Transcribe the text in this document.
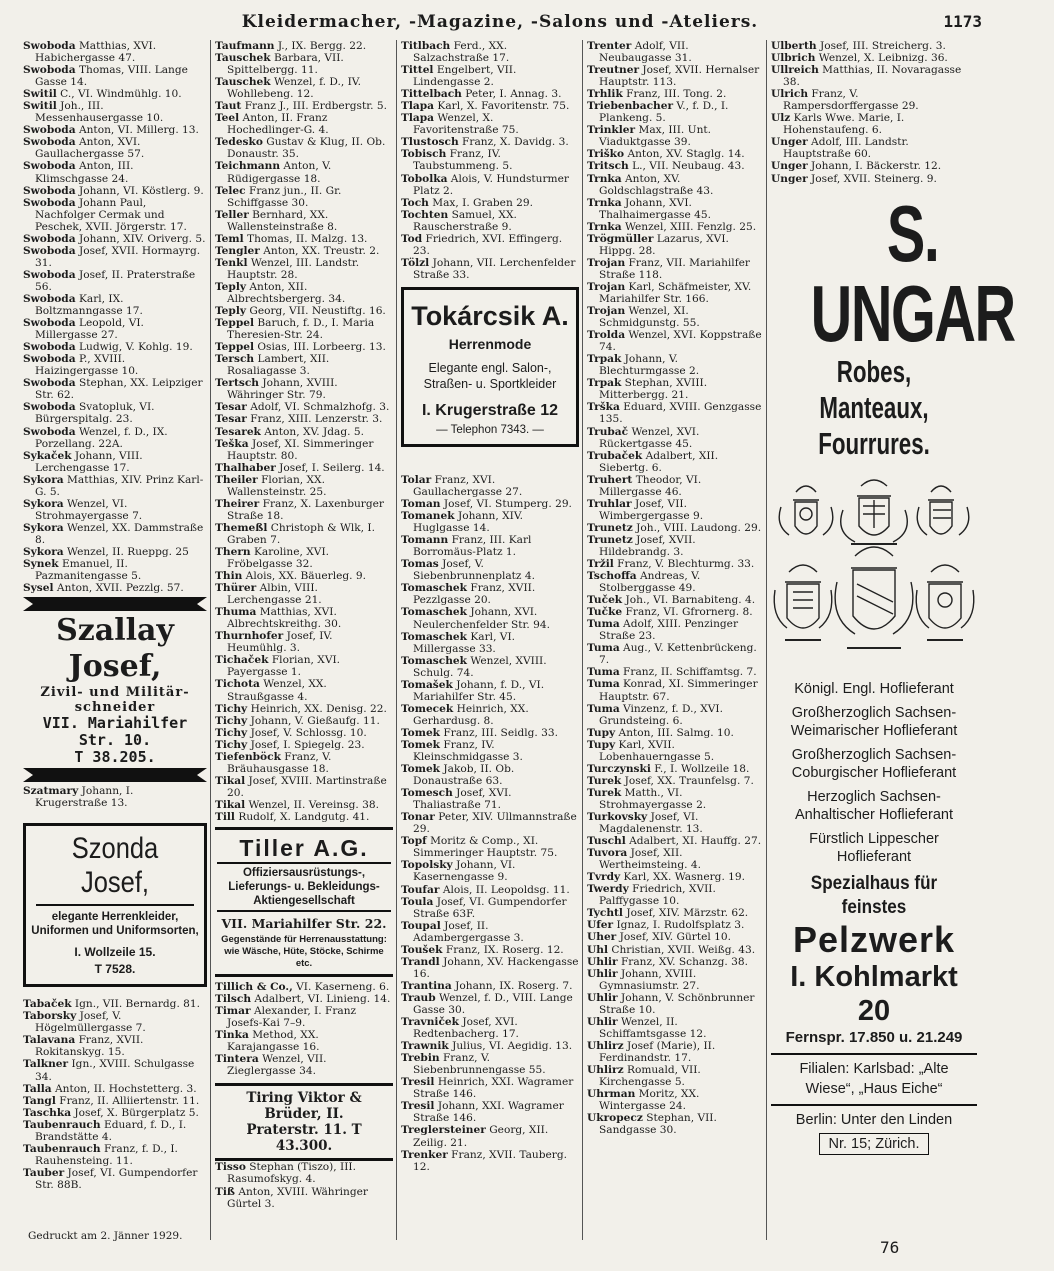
Kleidermacher, -Magazine, -Salons und -Ateliers.	1173

Swoboda Matthias, XVI. Habichergasse 47.

Swoboda Thomas, VIII. Lange Gasse 14.

Switil C., VI. Windmühlg. 10.

Switil Joh., III. Messenhausergasse 10.

Swoboda Anton, VI. Millerg. 13.

Swoboda Anton, XVI. Gaullachergasse 57.

Swoboda Anton, III. Klimschgasse 24.

Swoboda Johann, VI. Köstlerg. 9.

Swoboda Johann Paul, Nachfolger Cermak und Peschek, XVII. Jörgerstr. 17.

Swoboda Johann, XIV. Oriverg. 5.

Swoboda Josef, XVII. Hormayrg. 31.

Swoboda Josef, II. Praterstraße 56.

Swoboda Karl, IX. Boltzmanngasse 17.

Swoboda Leopold, VI. Millergasse 27.

Swoboda Ludwig, V. Kohlg. 19.

Swoboda P., XVIII. Haizingergasse 10.

Swoboda Stephan, XX. Leipziger Str. 62.

Swoboda Svatopluk, VI. Bürgerspitalg. 23.

Swoboda Wenzel, f. D., IX. Porzellang. 22A.

Sykaček Johann, VIII. Lerchengasse 17.

Sykora Matthias, XIV. Prinz Karl-G. 5.

Sykora Wenzel, VI. Strohmayergasse 7.

Sykora Wenzel, XX. Dammstraße 8.

Sykora Wenzel, II. Rueppg. 25

Synek Emanuel, II. Pazmanitengasse 5.

Sysel Anton, XVII. Pezzlg. 57.

Szallay Josef,
Zivil- und Militär-schneider
VII. Mariahilfer Str. 10.
T 38.205.

Szatmary Johann, I. Krugerstraße 13.

Szonda Josef,
elegante Herrenkleider, Uniformen und Uniformsorten,
I. Wollzeile 15.
T 7528.

Tabaček Ign., VII. Bernardg. 81.

Taborsky Josef, V. Högelmüllergasse 7.

Talavana Franz, XVII. Rokitanskyg. 15.

Talkner Ign., XVIII. Schulgasse 34.

Talla Anton, II. Hochstetterg. 3.

Tangl Franz, II. Alliiertenstr. 11.

Taschka Josef, X. Bürgerplatz 5.

Taubenrauch Eduard, f. D., I. Brandstätte 4.

Taubenrauch Franz, f. D., I. Rauhensteing. 11.

Tauber Josef, VI. Gumpendorfer Str. 88B.

Taufmann J., IX. Bergg. 22.

Tauschek Barbara, VII. Spittelbergg. 11.

Tauschek Wenzel, f. D., IV. Wohllebeng. 12.

Taut Franz J., III. Erdbergstr. 5.

Teel Anton, II. Franz Hochedlinger-G. 4.

Tedesko Gustav & Klug, II. Ob. Donaustr. 35.

Teichmann Anton, V. Rüdigergasse 18.

Telec Franz jun., II. Gr. Schiffgasse 30.

Teller Bernhard, XX. Wallensteinstraße 8.

Teml Thomas, II. Malzg. 13.

Tengler Anton, XX. Treustr. 2.

Tenkl Wenzel, III. Landstr. Hauptstr. 28.

Teply Anton, XII. Albrechtsbergerg. 34.

Teply Georg, VII. Neustiftg. 16.

Teppel Baruch, f. D., I. Maria Theresien-Str. 24.

Teppel Osias, III. Lorbeerg. 13.

Tersch Lambert, XII. Rosaliagasse 3.

Tertsch Johann, XVIII. Währinger Str. 79.

Tesar Adolf, VI. Schmalzhofg. 3.

Tesar Franz, XIII. Lenzerstr. 3.

Tesarek Anton, XV. Jdag. 5.

Teška Josef, XI. Simmeringer Hauptstr. 80.

Thalhaber Josef, I. Seilerg. 14.

Theiler Florian, XX. Wallensteinstr. 25.

Theirer Franz, X. Laxenburger Straße 18.

Themeßl Christoph & Wlk, I. Graben 7.

Thern Karoline, XVI. Fröbelgasse 32.

Thin Alois, XX. Bäuerleg. 9.

Thürer Albin, VIII. Lerchengasse 21.

Thuma Matthias, XVI. Albrechtskreithg. 30.

Thurnhofer Josef, IV. Heumühlg. 3.

Tichaček Florian, XVI. Payergasse 1.

Tichota Wenzel, XX. Straußgasse 4.

Tichy Heinrich, XX. Denisg. 22.

Tichy Johann, V. Gießaufg. 11.

Tichy Josef, V. Schlossg. 10.

Tichy Josef, I. Spiegelg. 23.

Tiefenböck Franz, V. Bräuhausgasse 18.

Tikal Josef, XVIII. Martinstraße 20.

Tikal Wenzel, II. Vereinsg. 38.

Till Rudolf, X. Landgutg. 41.

Tiller A.G.
Offiziersausrüstungs-, Lieferungs- u. Bekleidungs-Aktiengesellschaft
VII. Mariahilfer Str. 22.
Gegenstände für Herrenausstattung: wie Wäsche, Hüte, Stöcke, Schirme etc.

Tillich & Co., VI. Kaserneng. 6.

Tilsch Adalbert, VI. Linieng. 14.

Timar Alexander, I. Franz Josefs-Kai 7–9.

Tinka Method, XX. Karajangasse 16.

Tintera Wenzel, VII. Zieglergasse 34.

Tiring Viktor & Brüder, II.
Praterstr. 11. T 43.300.

Tisso Stephan (Tiszo), III. Rasumofskyg. 4.

Tiß Anton, XVIII. Währinger Gürtel 3.

Titlbach Ferd., XX. Salzachstraße 17.

Tittel Engelbert, VII. Lindengasse 2.

Tittelbach Peter, I. Annag. 3.

Tlapa Karl, X. Favoritenstr. 75.

Tlapa Wenzel, X. Favoritenstraße 75.

Tlustosch Franz, X. Davidg. 3.

Tobisch Franz, IV. Taubstummeng. 5.

Tobolka Alois, V. Hundsturmer Platz 2.

Toch Max, I. Graben 29.

Tochten Samuel, XX. Rauscherstraße 9.

Tod Friedrich, XVI. Effingerg. 23.

Tölzl Johann, VII. Lerchenfelder Straße 33.

Tokárcsik A.
Herrenmode
Elegante engl. Salon-, Straßen- u. Sportkleider
I. Krugerstraße 12
— Telephon 7343. —

Tolar Franz, XVI. Gaullachergasse 27.

Toman Josef, VI. Stumperg. 29.

Tomanek Johann, XIV. Huglgasse 14.

Tomann Franz, III. Karl Borromäus-Platz 1.

Tomas Josef, V. Siebenbrunnenplatz 4.

Tomaschek Franz, XVII. Pezzlgasse 20.

Tomaschek Johann, XVI. Neulerchenfelder Str. 94.

Tomaschek Karl, VI. Millergasse 33.

Tomaschek Wenzel, XVIII. Schulg. 74.

Tomašek Johann, f. D., VI. Mariahilfer Str. 45.

Tomecek Heinrich, XX. Gerhardusg. 8.

Tomek Franz, III. Seidlg. 33.

Tomek Franz, IV. Kleinschmidgasse 3.

Tomek Jakob, II. Ob. Donaustraße 63.

Tomesch Josef, XVI. Thaliastraße 71.

Tonar Peter, XIV. Ullmannstraße 29.

Topf Moritz & Comp., XI. Simmeringer Hauptstr. 75.

Topolsky Johann, VI. Kasernengasse 9.

Toufar Alois, II. Leopoldsg. 11.

Toula Josef, VI. Gumpendorfer Straße 63F.

Toupal Josef, II. Adambergergasse 3.

Toušek Franz, IX. Roserg. 12.

Trandl Johann, XV. Hackengasse 16.

Trantina Johann, IX. Roserg. 7.

Traub Wenzel, f. D., VIII. Lange Gasse 30.

Travniček Josef, XVI. Redtenbacherg. 17.

Trawnik Julius, VI. Aegidig. 13.

Trebin Franz, V. Siebenbrunnengasse 55.

Tresil Heinrich, XXI. Wagramer Straße 146.

Tresil Johann, XXI. Wagramer Straße 146.

Treglersteiner Georg, XII. Zeilig. 21.

Trenker Franz, XVII. Tauberg. 12.

Trenter Adolf, VII. Neubaugasse 31.

Treutner Josef, XVII. Hernalser Hauptstr. 113.

Trhlik Franz, III. Tong. 2.

Triebenbacher V., f. D., I. Plankeng. 5.

Trinkler Max, III. Unt. Viaduktgasse 39.

Triško Anton, XV. Staglg. 14.

Tritsch L., VII. Neubaug. 43.

Trnka Anton, XV. Goldschlagstraße 43.

Trnka Johann, XVI. Thalhaimergasse 45.

Trnka Wenzel, XIII. Fenzlg. 25.

Trögmüller Lazarus, XVI. Hippg. 28.

Trojan Franz, VII. Mariahilfer Straße 118.

Trojan Karl, Schäfmeister, XV. Mariahilfer Str. 166.

Trojan Wenzel, XI. Schmidgunstg. 55.

Trolda Wenzel, XVI. Koppstraße 74.

Trpak Johann, V. Blechturmgasse 2.

Trpak Stephan, XVIII. Mitterbergg. 21.

Trška Eduard, XVIII. Genzgasse 135.

Trubač Wenzel, XVI. Rückertgasse 45.

Trubaček Adalbert, XII. Siebertg. 6.

Truhert Theodor, VI. Millergasse 46.

Truhlar Josef, VII. Wimbergergasse 9.

Trunetz Joh., VIII. Laudong. 29.

Trunetz Josef, XVII. Hildebrandg. 3.

Tržil Franz, V. Blechturmg. 33.

Tschoffa Andreas, V. Stolberggasse 49.

Tuček Joh., VI. Barnabiteng. 4.

Tučke Franz, VI. Gfrornerg. 8.

Tuma Adolf, XIII. Penzinger Straße 23.

Tuma Aug., V. Kettenbrückeng. 7.

Tuma Franz, II. Schiffamtsg. 7.

Tuma Konrad, XI. Simmeringer Hauptstr. 67.

Tuma Vinzenz, f. D., XVI. Grundsteing. 6.

Tupy Anton, III. Salmg. 10.

Tupy Karl, XVII. Lobenhauerngasse 5.

Turczynski F., I. Wollzeile 18.

Turek Josef, XX. Traunfelsg. 7.

Turek Matth., VI. Strohmayergasse 2.

Turkovsky Josef, VI. Magdalenenstr. 13.

Tuschl Adalbert, XI. Hauffg. 27.

Tuvora Josef, XII. Wertheimsteing. 4.

Tvrdy Karl, XX. Wasnerg. 19.

Twerdy Friedrich, XVII. Palffygasse 10.

Tychtl Josef, XIV. Märzstr. 62.

Ufer Ignaz, I. Rudolfsplatz 3.

Uher Josef, XIV. Gürtel 10.

Uhl Christian, XVII. Weißg. 43.

Uhlir Franz, XV. Schanzg. 38.

Uhlir Johann, XVIII. Gymnasiumstr. 27.

Uhlir Johann, V. Schönbrunner Straße 10.

Uhlir Wenzel, II. Schiffamtsgasse 12.

Uhlirz Josef (Marie), II. Ferdinandstr. 17.

Uhlirz Romuald, VII. Kirchengasse 5.

Uhrman Moritz, XX. Wintergasse 24.

Ukropecz Stephan, VII. Sandgasse 30.

Ulberth Josef, III. Streicherg. 3.

Ulbrich Wenzel, X. Leibnizg. 36.

Ullreich Matthias, II. Novaragasse 38.

Ulrich Franz, V. Rampersdorffergasse 29.

Ulz Karls Wwe. Marie, I. Hohenstaufeng. 6.

Unger Adolf, III. Landstr. Hauptstraße 60.

Unger Johann, I. Bäckerstr. 12.

Unger Josef, XVII. Steinerg. 9.

S. UNGAR
Robes, Manteaux,
Fourrures.
Königl. Engl. Hoflieferant
Großherzoglich Sachsen-Weimarischer Hoflieferant
Großherzoglich Sachsen-Coburgischer Hoflieferant
Herzoglich Sachsen-Anhaltischer Hoflieferant
Fürstlich Lippescher Hoflieferant
Spezialhaus für feinstes
Pelzwerk
I. Kohlmarkt 20
Fernspr. 17.850 u. 21.249
Filialen: Karlsbad: „Alte
Wiese“, „Haus Eiche“
Berlin: Unter den Linden
Nr. 15; Zürich.
Gedruckt am 2. Jänner 1929.
76
